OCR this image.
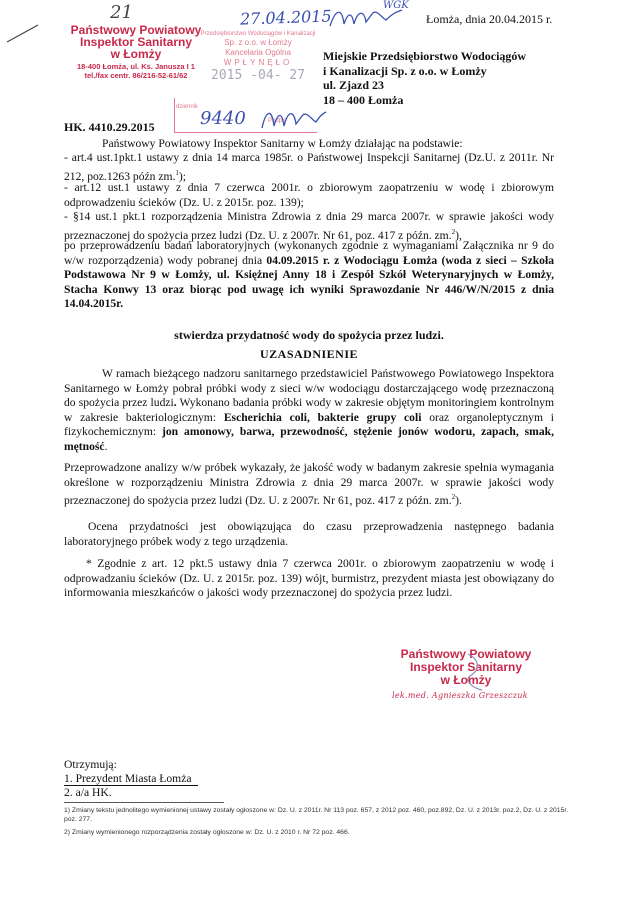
21	27.04.2015
WGK
Łomża, dnia 20.04.2015 r.
Państwowy Powiatowy
Inspektor Sanitarny
w Łomży
18-400 Łomża, ul. Ks. Janusza I 1
tel./fax centr. 86/216-52-61/62
Przedsiębiorstwo Wodociągów i Kanalizacji
Sp. z o.o. w Łomży
Kancelaria Ogólna
WPŁYNĘŁO
2015 -04- 27
dziennik
Podpis
9440
Miejskie Przedsiębiorstwo Wodociągów
i Kanalizacji Sp. z o.o. w Łomży
ul. Zjazd 23
18 – 400 Łomża
HK. 4410.29.2015
Państwowy Powiatowy Inspektor Sanitarny w Łomży działając na podstawie:
- art.4 ust.1pkt.1 ustawy z dnia 14 marca 1985r. o Państwowej Inspekcji Sanitarnej (Dz.U. z 2011r. Nr 212, poz.1263 późn zm.$^1$);
- art.12 ust.1 ustawy z dnia 7 czerwca 2001r. o zbiorowym zaopatrzeniu w wodę i zbiorowym odprowadzeniu ścieków (Dz. U. z 2015r. poz. 139);
- §14 ust.1 pkt.1 rozporządzenia Ministra Zdrowia z dnia 29 marca 2007r. w sprawie jakości wody przeznaczonej do spożycia przez ludzi (Dz. U. z 2007r. Nr 61, poz. 417 z późn. zm.$^2$),
po przeprowadzeniu badań laboratoryjnych (wykonanych zgodnie z wymaganiami Załącznika nr 9 do w/w rozporządzenia) wody pobranej dnia 04.09.2015 r. z Wodociągu Łomża (woda z sieci – Szkoła Podstawowa Nr 9 w Łomży, ul. Księżnej Anny 18 i Zespół Szkół Weterynaryjnych w Łomży, Stacha Konwy 13 oraz biorąc pod uwagę ich wyniki Sprawozdanie Nr 446/W/N/2015 z dnia 14.04.2015r.
stwierdza przydatność wody do spożycia przez ludzi.
UZASADNIENIE
W ramach bieżącego nadzoru sanitarnego przedstawiciel Państwowego Powiatowego Inspektora Sanitarnego w Łomży pobrał próbki wody z sieci w/w wodociągu dostarczającego wodę przeznaczoną do spożycia przez ludzi. Wykonano badania próbki wody w zakresie objętym monitoringiem kontrolnym w zakresie bakteriologicznym: Escherichia coli, bakterie grupy coli oraz organoleptycznym i fizykochemicznym: jon amonowy, barwa, przewodność, stężenie jonów wodoru, zapach, smak, mętność.
Przeprowadzone analizy w/w próbek wykazały, że jakość wody w badanym zakresie spełnia wymagania określone w rozporządzeniu Ministra Zdrowia z dnia 29 marca 2007r. w sprawie jakości wody przeznaczonej do spożycia przez ludzi (Dz. U. z 2007r. Nr 61, poz. 417 z późn. zm.$^2$).
Ocena przydatności jest obowiązująca do czasu przeprowadzenia następnego badania laboratoryjnego próbek wody z tego urządzenia.
* Zgodnie z art. 12 pkt.5 ustawy dnia 7 czerwca 2001r. o zbiorowym zaopatrzeniu w wodę i odprowadzaniu ścieków (Dz. U. z 2015r. poz. 139) wójt, burmistrz, prezydent miasta jest obowiązany do informowania mieszkańców o jakości wody przeznaczonej do spożycia przez ludzi.
Państwowy Powiatowy
Inspektor Sanitarny
w Łomży
lek.med. Agnieszka Grzeszczuk
Otrzymują:
1. Prezydent Miasta Łomża
2. a/a HK.
1) Zmiany tekstu jednolitego wymienionej ustawy zostały ogłoszone w: Dz. U. z 2011r. Nr 113 poz. 657, z 2012 poz. 460, poz.892, Dz. U. z 2013r. poz.2, Dz. U. z 2015r. poz. 277.
2) Zmiany wymienionego rozporządzenia zostały ogłoszone w: Dz. U. z 2010 r. Nr 72 poz. 466.
